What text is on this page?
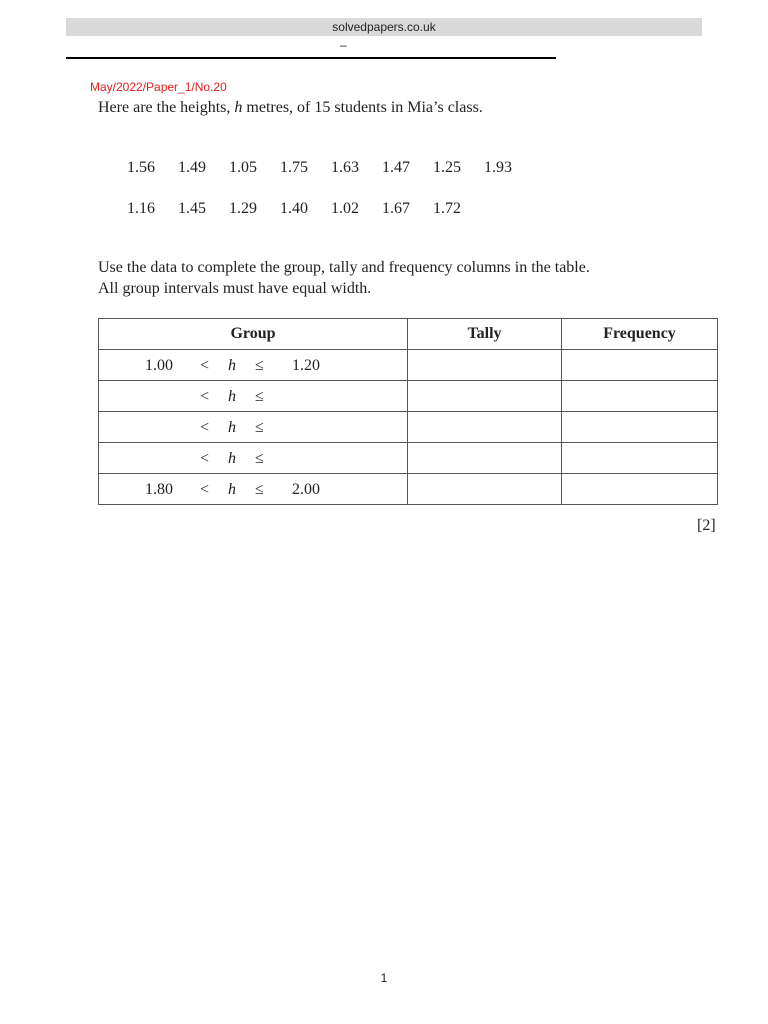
solvedpapers.co.uk
–
May/2022/Paper_1/No.20
Here are the heights, h metres, of 15 students in Mia’s class.
1.56 1.49 1.05 1.75 1.63 1.47 1.25 1.93
1.16 1.45 1.29 1.40 1.02 1.67 1.72
Use the data to complete the group, tally and frequency columns in the table.
All group intervals must have equal width.
Group	Tally	Frequency

1.00 < h ≤ 1.20		

< h ≤		

< h ≤		

< h ≤		

1.80 < h ≤ 2.00		

[2]
1
